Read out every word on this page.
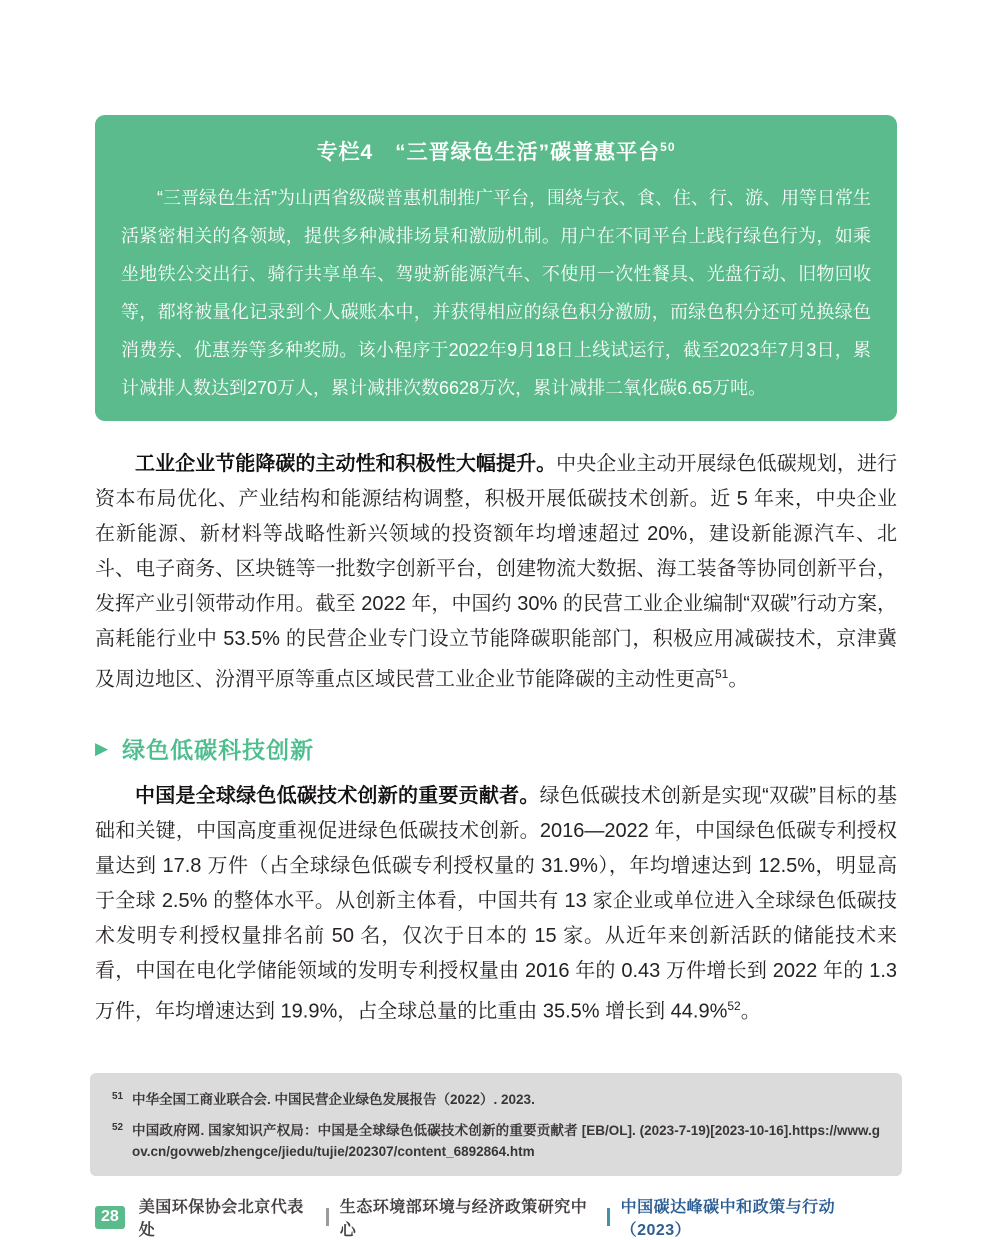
专栏4　“三晋绿色生活”碳普惠平台$^{50}$

“三晋绿色生活”为山西省级碳普惠机制推广平台，围绕与衣、食、住、行、游、用等日常生活紧密相关的各领域，提供多种减排场景和激励机制。用户在不同平台上践行绿色行为，如乘坐地铁公交出行、骑行共享单车、驾驶新能源汽车、不使用一次性餐具、光盘行动、旧物回收等，都将被量化记录到个人碳账本中，并获得相应的绿色积分激励，而绿色积分还可兑换绿色消费券、优惠券等多种奖励。该小程序于2022年9月18日上线试运行，截至2023年7月3日，累计减排人数达到270万人，累计减排次数6628万次，累计减排二氧化碳6.65万吨。

工业企业节能降碳的主动性和积极性大幅提升。中央企业主动开展绿色低碳规划，进行资本布局优化、产业结构和能源结构调整，积极开展低碳技术创新。近 5 年来，中央企业在新能源、新材料等战略性新兴领域的投资额年均增速超过 20%，建设新能源汽车、北斗、电子商务、区块链等一批数字创新平台，创建物流大数据、海工装备等协同创新平台，发挥产业引领带动作用。截至 2022 年，中国约 30% 的民营工业企业编制“双碳”行动方案，高耗能行业中 53.5% 的民营企业专门设立节能降碳职能部门，积极应用减碳技术，京津冀及周边地区、汾渭平原等重点区域民营工业企业节能降碳的主动性更高$^{51}$。

▶ 绿色低碳科技创新

中国是全球绿色低碳技术创新的重要贡献者。绿色低碳技术创新是实现“双碳”目标的基础和关键，中国高度重视促进绿色低碳技术创新。2016—2022 年，中国绿色低碳专利授权量达到 17.8 万件（占全球绿色低碳专利授权量的 31.9%），年均增速达到 12.5%，明显高于全球 2.5% 的整体水平。从创新主体看，中国共有 13 家企业或单位进入全球绿色低碳技术发明专利授权量排名前 50 名，仅次于日本的 15 家。从近年来创新活跃的储能技术来看，中国在电化学储能领域的发明专利授权量由 2016 年的 0.43 万件增长到 2022 年的 1.3 万件，年均增速达到 19.9%，占全球总量的比重由 35.5% 增长到 44.9%$^{52}$。

51 中华全国工商业联合会. 中国民营企业绿色发展报告（2022）. 2023.
52 中国政府网. 国家知识产权局：中国是全球绿色低碳技术创新的重要贡献者 [EB/OL]. (2023-7-19)[2023-10-16].https://www.gov.cn/govweb/zhengce/jiedu/tujie/202307/content_6892864.htm
28	美国环保协会北京代表处
生态环境部环境与经济政策研究中心
中国碳达峰碳中和政策与行动（2023）
